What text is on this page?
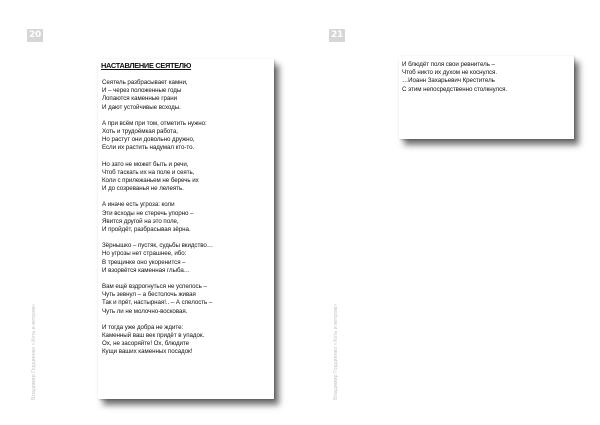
20	21
Владимир Гордиенко «Хоть и ветром»	Владимир Гордиенко «Хоть и ветром»
НАСТАВЛЕНИЕ СЕЯТЕЛЮ
Сеятель разбрасывает камни,
И – через положенные годы
Лопаются каменные грани
И дают устойчивые всходы.
А при всём при том, отметить нужно:
Хоть и трудоёмкая работа,
Но растут они довольно дружно,
Если их растить надумал кто-то.
Но зато не может быть и речи,
Чтоб таскать их на поле и сеять,
Коли с прилежаньем не беречь их
И до созреванья не лелеять.
А иначе есть угроза: коли
Эти всходы не стеречь упорно –
Явится другой на это поле,
И пройдёт, разбрасывая зёрна.
Зёрнышко – пустяк, судьбы вкидство…
Но угрозы нет страшнее, ибо:
В трещинке оно укоренится –
И взорвётся каменная глыба…
Вам ещё вздрогнуться не успелось –
Чуть зевнул – а бестолочь живая
Так и прёт, настырная!.. – А спелость –
Чуть ли не молочно-восковая.
И тогда уже добра не ждите:
Каменный ваш век придёт в упадок.
Ох, не засоряйте! Ох, блюдите
Кущи ваших каменных посадок!
И блюдёт поля свои ревнитель –
Чтоб никто их духом не коснулся.
…Иоанн Захарьевич Креститель
С этим непосредственно столкнулся.
